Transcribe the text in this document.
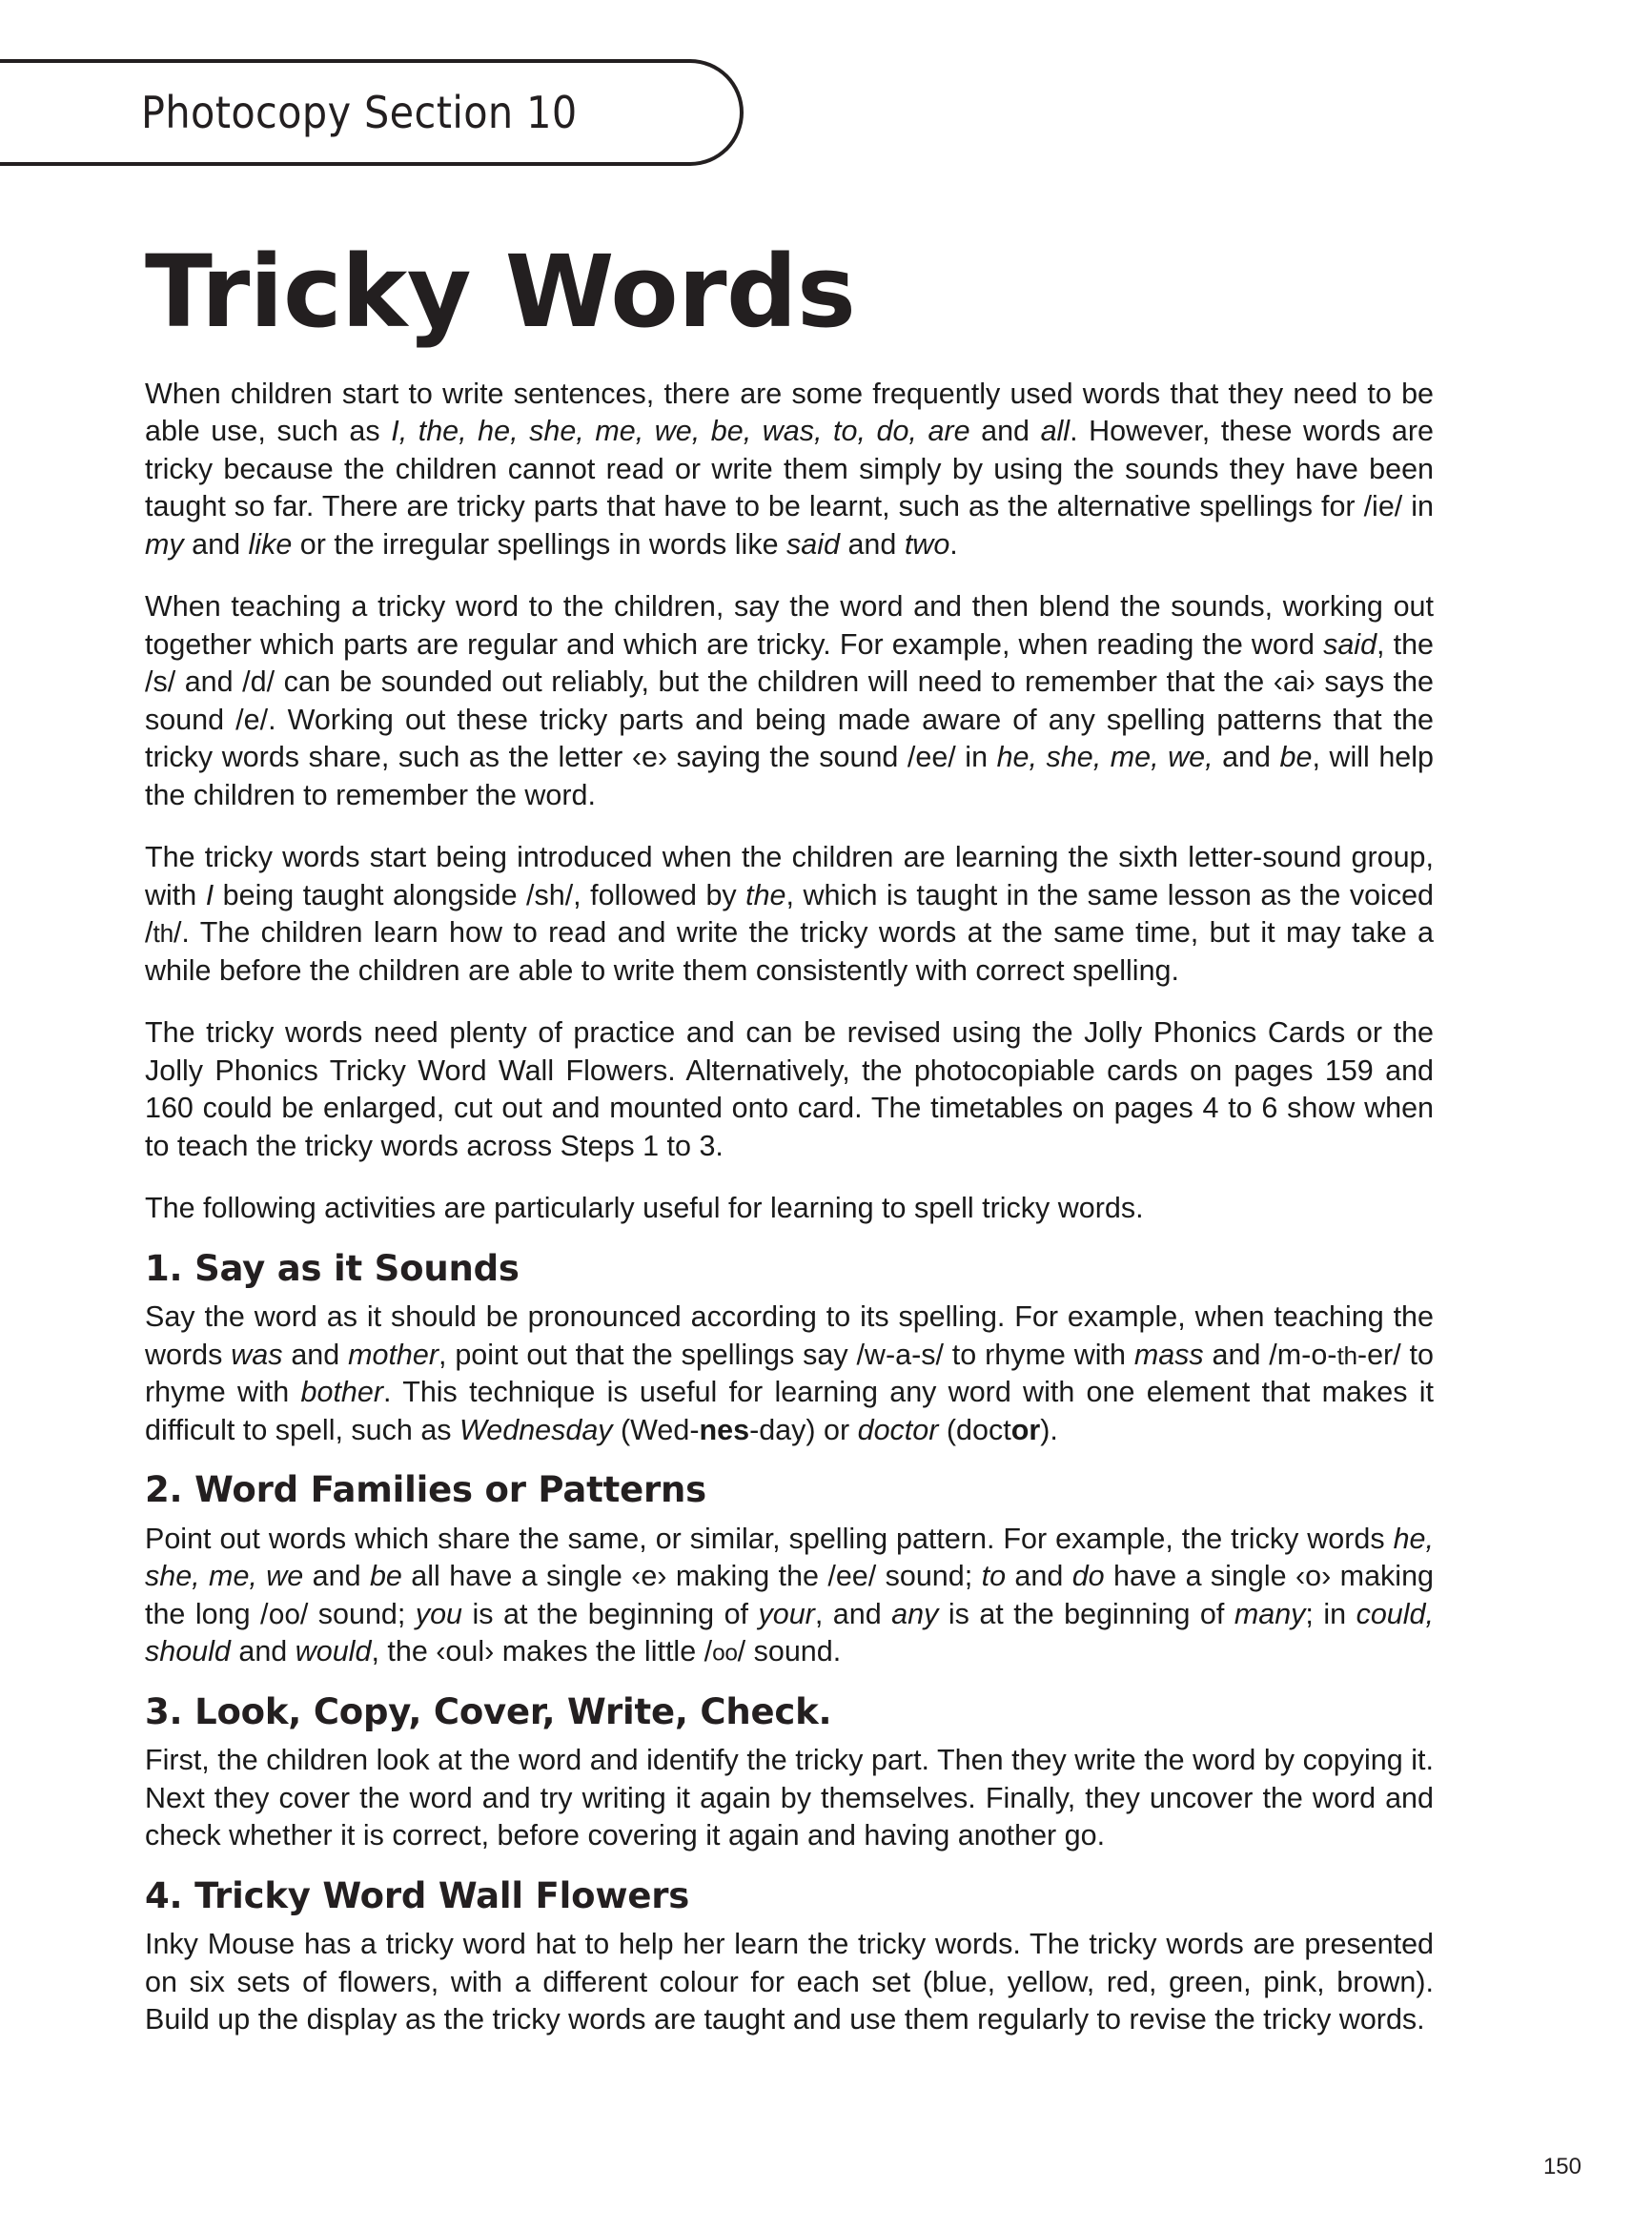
Photocopy Section 10
Tricky Words

When children start to write sentences, there are some frequently used words that they need to be able use, such as I, the, he, she, me, we, be, was, to, do, are and all. However, these words are tricky because the children cannot read or write them simply by using the sounds they have been taught so far. There are tricky parts that have to be learnt, such as the alternative spellings for /ie/ in my and like or the irregular spellings in words like said and two.

When teaching a tricky word to the children, say the word and then blend the sounds, working out together which parts are regular and which are tricky. For example, when reading the word said, the /s/ and /d/ can be sounded out reliably, but the children will need to remember that the ‹ai› says the sound /e/. Working out these tricky parts and being made aware of any spelling patterns that the tricky words share, such as the letter ‹e› saying the sound /ee/ in he, she, me, we, and be, will help the children to remember the word.

The tricky words start being introduced when the children are learning the sixth letter-sound group, with I being taught alongside /sh/, followed by the, which is taught in the same lesson as the voiced /th/. The children learn how to read and write the tricky words at the same time, but it may take a while before the children are able to write them consistently with correct spelling.

The tricky words need plenty of practice and can be revised using the Jolly Phonics Cards or the Jolly Phonics Tricky Word Wall Flowers. Alternatively, the photocopiable cards on pages 159 and 160 could be enlarged, cut out and mounted onto card. The timetables on pages 4 to 6 show when to teach the tricky words across Steps 1 to 3.

The following activities are particularly useful for learning to spell tricky words.

1. Say as it Sounds

Say the word as it should be pronounced according to its spelling. For example, when teaching the words was and mother, point out that the spellings say /w-a-s/ to rhyme with mass and /m-o-th-er/ to rhyme with bother. This technique is useful for learning any word with one element that makes it difficult to spell, such as Wednesday (Wed-nes-day) or doctor (doctor).

2. Word Families or Patterns

Point out words which share the same, or similar, spelling pattern. For example, the tricky words he, she, me, we and be all have a single ‹e› making the /ee/ sound; to and do have a single ‹o› making the long /oo/ sound; you is at the beginning of your, and any is at the beginning of many; in could, should and would, the ‹oul› makes the little /oo/ sound.

3. Look, Copy, Cover, Write, Check.

First, the children look at the word and identify the tricky part. Then they write the word by copying it. Next they cover the word and try writing it again by themselves. Finally, they uncover the word and check whether it is correct, before covering it again and having another go.

4. Tricky Word Wall Flowers

Inky Mouse has a tricky word hat to help her learn the tricky words. The tricky words are presented on six sets of flowers, with a different colour for each set (blue, yellow, red, green, pink, brown). Build up the display as the tricky words are taught and use them regularly to revise the tricky words.

150
